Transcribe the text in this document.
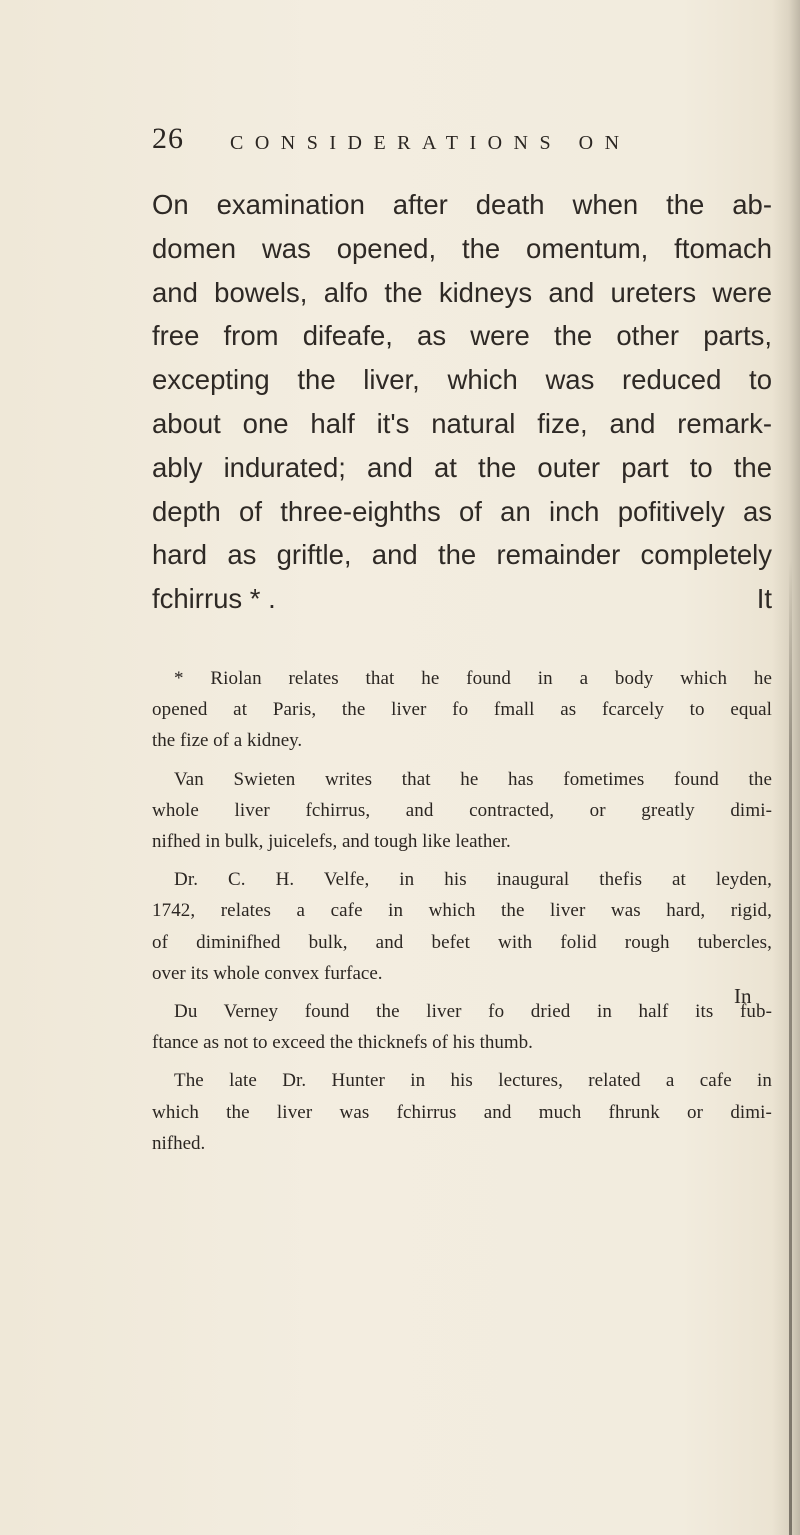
26 CONSIDERATIONS ON
On examination after death when the ab-
domen was opened, the omentum, ftomach
and bowels, alfo the kidneys and ureters were
free from difeafe, as were the other parts,
excepting the liver, which was reduced to
about one half it's natural fize, and remark-
ably indurated; and at the outer part to the
depth of three-eighths of an inch pofitively as
hard as griftle, and the remainder completely
fchirrus * .	It
* Riolan relates that he found in a body which he
opened at Paris, the liver fo fmall as fcarcely to equal
the fize of a kidney.
Van Swieten writes that he has fometimes found the
whole liver fchirrus, and contracted, or greatly dimi-
nifhed in bulk, juicelefs, and tough like leather.
Dr. C. H. Velfe, in his inaugural thefis at leyden,
1742, relates a cafe in which the liver was hard, rigid,
of diminifhed bulk, and befet with folid rough tubercles,
over its whole convex furface.
Du Verney found the liver fo dried in half its fub-
ftance as not to exceed the thicknefs of his thumb.
The late Dr. Hunter in his lectures, related a cafe in
which the liver was fchirrus and much fhrunk or dimi-
nifhed.
In
